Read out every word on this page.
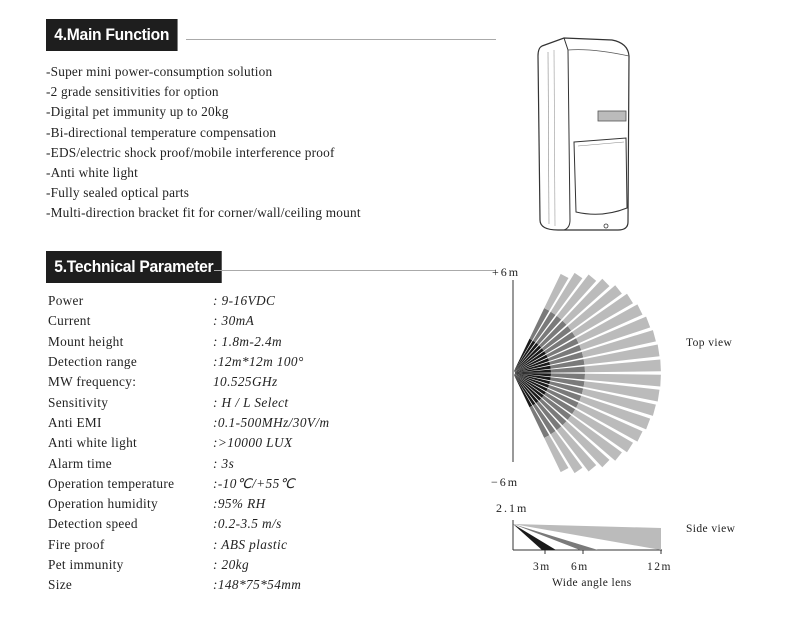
4.Main Function
-Super mini power-consumption solution
-2 grade sensitivities for option
-Digital pet immunity up to 20kg
-Bi-directional temperature compensation
-EDS/electric shock proof/mobile interference proof
-Anti white light
-Fully sealed optical parts
-Multi-direction bracket fit for corner/wall/ceiling mount
5.Technical Parameter
Power	: 9-16VDC
Current	: 30mA
Mount height	: 1.8m-2.4m
Detection range	:12m*12m 100°
MW frequency:	10.525GHz
Sensitivity	: H / L Select
Anti EMI	:0.1-500MHz/30V/m
Anti white light	:>10000 LUX
Alarm time	: 3s
Operation temperature	:-10℃/+55℃
Operation humidity	:95% RH
Detection speed	:0.2-3.5 m/s
Fire proof	: ABS plastic
Pet immunity	: 20kg
Size	:148*75*54mm
+6m
−6m
Top view
2.1m
Side view
3m 6m	12m
Wide angle lens
